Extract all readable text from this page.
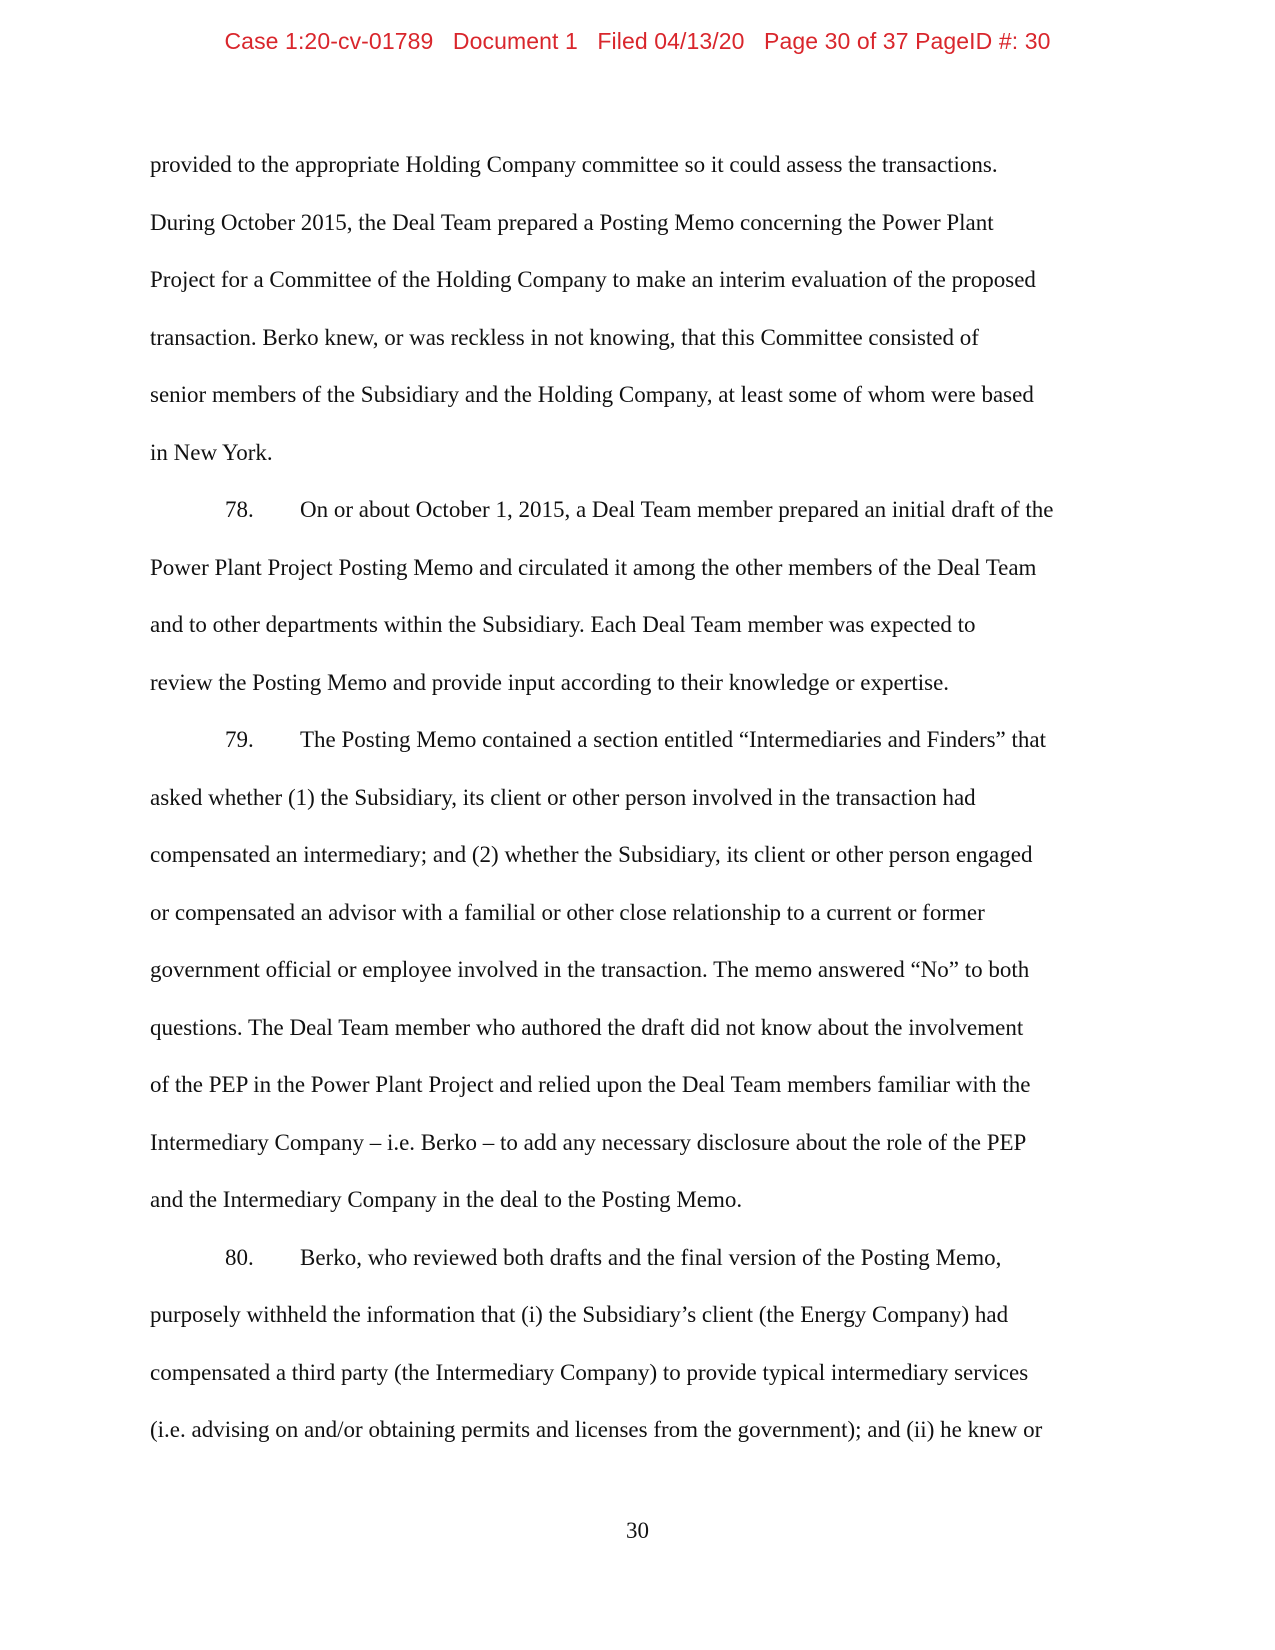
Case 1:20-cv-01789 Document 1 Filed 04/13/20 Page 30 of 37 PageID #: 30
provided to the appropriate Holding Company committee so it could assess the transactions.
During October 2015, the Deal Team prepared a Posting Memo concerning the Power Plant
Project for a Committee of the Holding Company to make an interim evaluation of the proposed
transaction. Berko knew, or was reckless in not knowing, that this Committee consisted of
senior members of the Subsidiary and the Holding Company, at least some of whom were based
in New York.
78. On or about October 1, 2015, a Deal Team member prepared an initial draft of the
Power Plant Project Posting Memo and circulated it among the other members of the Deal Team
and to other departments within the Subsidiary. Each Deal Team member was expected to
review the Posting Memo and provide input according to their knowledge or expertise.
79. The Posting Memo contained a section entitled “Intermediaries and Finders” that
asked whether (1) the Subsidiary, its client or other person involved in the transaction had
compensated an intermediary; and (2) whether the Subsidiary, its client or other person engaged
or compensated an advisor with a familial or other close relationship to a current or former
government official or employee involved in the transaction. The memo answered “No” to both
questions. The Deal Team member who authored the draft did not know about the involvement
of the PEP in the Power Plant Project and relied upon the Deal Team members familiar with the
Intermediary Company – i.e. Berko – to add any necessary disclosure about the role of the PEP
and the Intermediary Company in the deal to the Posting Memo.
80. Berko, who reviewed both drafts and the final version of the Posting Memo,
purposely withheld the information that (i) the Subsidiary’s client (the Energy Company) had
compensated a third party (the Intermediary Company) to provide typical intermediary services
(i.e. advising on and/or obtaining permits and licenses from the government); and (ii) he knew or
30
